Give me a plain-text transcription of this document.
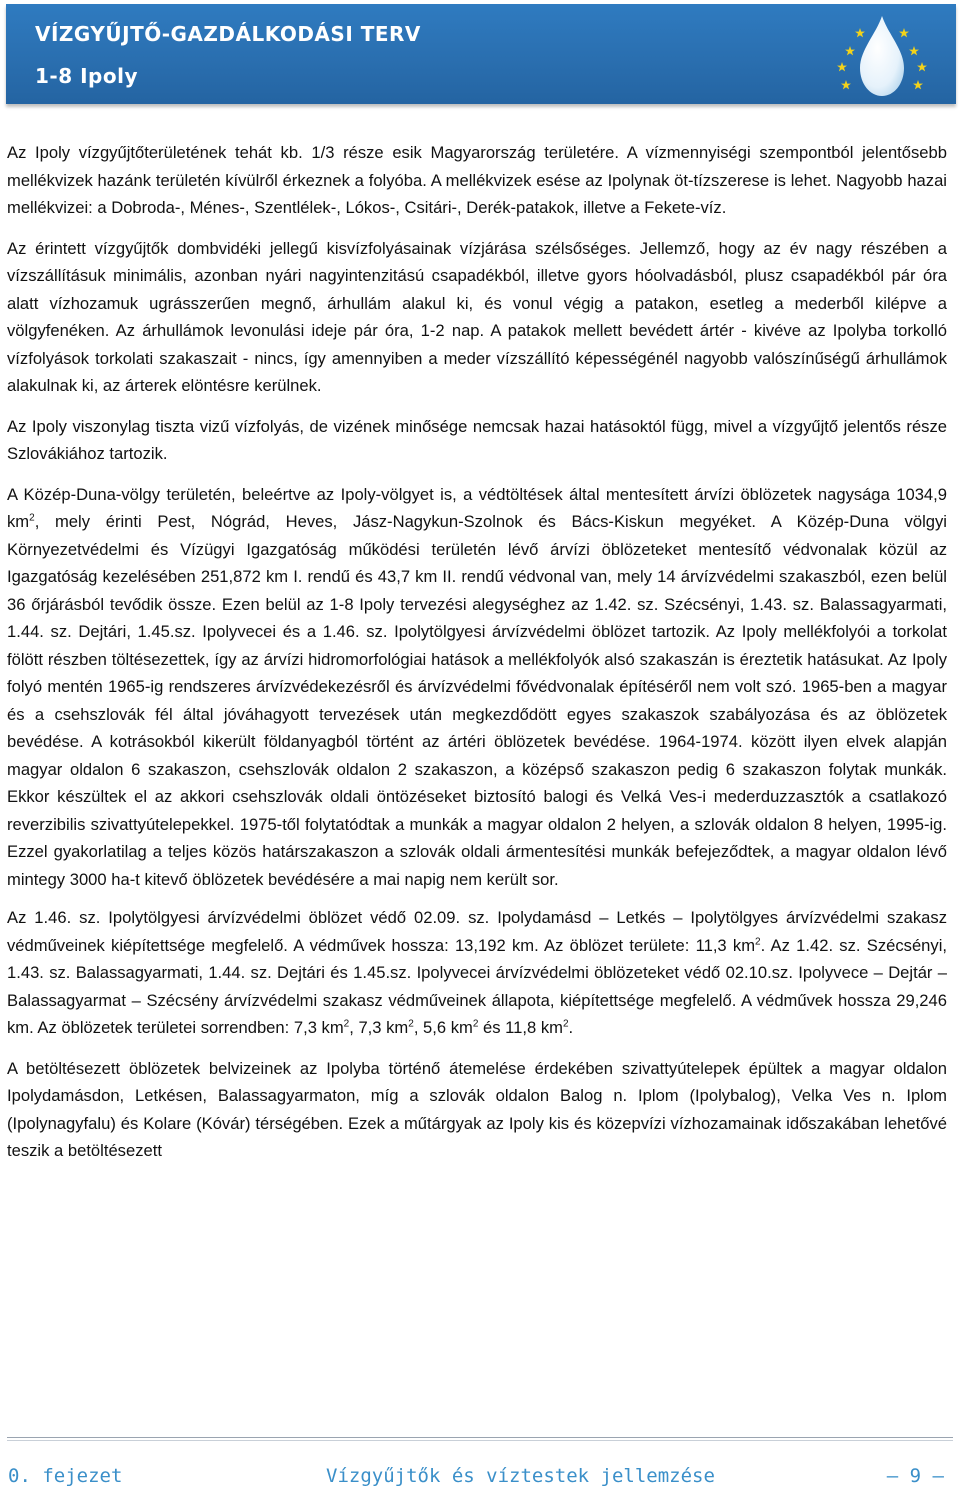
VÍZGYŰJTŐ-GAZDÁLKODÁSI TERV
1-8 Ipoly

Az Ipoly vízgyűjtőterületének tehát kb. 1/3 része esik Magyarország területére. A vízmennyiségi szempontból jelentősebb mellékvizek hazánk területén kívülről érkeznek a folyóba. A mellékvizek esése az Ipolynak öt-tízszerese is lehet. Nagyobb hazai mellékvizei: a Dobroda-, Ménes-, Szentlélek-, Lókos-, Csitári-, Derék-patakok, illetve a Fekete-víz.

Az érintett vízgyűjtők dombvidéki jellegű kisvízfolyásainak vízjárása szélsőséges. Jellemző, hogy az év nagy részében a vízszállításuk minimális, azonban nyári nagyintenzitású csapadékból, illetve gyors hóolvadásból, plusz csapadékból pár óra alatt vízhozamuk ugrásszerűen megnő, árhullám alakul ki, és vonul végig a patakon, esetleg a mederből kilépve a völgyfenéken. Az árhullámok levonulási ideje pár óra, 1-2 nap. A patakok mellett bevédett ártér - kivéve az Ipolyba torkolló vízfolyások torkolati szakaszait - nincs, így amennyiben a meder vízszállító képességénél nagyobb valószínűségű árhullámok alakulnak ki, az árterek elöntésre kerülnek.

Az Ipoly viszonylag tiszta vizű vízfolyás, de vizének minősége nemcsak hazai hatásoktól függ, mivel a vízgyűjtő jelentős része Szlovákiához tartozik.

A Közép-Duna-völgy területén, beleértve az Ipoly-völgyet is, a védtöltések által mentesített árvízi öblözetek nagysága 1034,9 $km^2$, mely érinti Pest, Nógrád, Heves, Jász-Nagykun-Szolnok és Bács-Kiskun megyéket. A Közép-Duna völgyi Környezetvédelmi és Vízügyi Igazgatóság működési területén lévő árvízi öblözeteket mentesítő védvonalak közül az Igazgatóság kezelésében 251,872 km I. rendű és 43,7 km II. rendű védvonal van, mely 14 árvízvédelmi szakaszból, ezen belül 36 őrjárásból tevődik össze. Ezen belül az 1-8 Ipoly tervezési alegységhez az 1.42. sz. Szécsényi, 1.43. sz. Balassagyarmati, 1.44. sz. Dejtári, 1.45.sz. Ipolyvecei és a 1.46. sz. Ipolytölgyesi árvízvédelmi öblözet tartozik. Az Ipoly mellékfolyói a torkolat fölött részben töltésezettek, így az árvízi hidromorfológiai hatások a mellékfolyók alsó szakaszán is éreztetik hatásukat. Az Ipoly folyó mentén 1965-ig rendszeres árvízvédekezésről és árvízvédelmi fővédvonalak építéséről nem volt szó. 1965-ben a magyar és a csehszlovák fél által jóváhagyott tervezések után megkezdődött egyes szakaszok szabályozása és az öblözetek bevédése. A kotrásokból kikerült földanyagból történt az ártéri öblözetek bevédése. 1964-1974. között ilyen elvek alapján magyar oldalon 6 szakaszon, csehszlovák oldalon 2 szakaszon, a középső szakaszon pedig 6 szakaszon folytak munkák. Ekkor készültek el az akkori csehszlovák oldali öntözéseket biztosító balogi és Velká Ves-i mederduzzasztók a csatlakozó reverzibilis szivattyútelepekkel. 1975-től folytatódtak a munkák a magyar oldalon 2 helyen, a szlovák oldalon 8 helyen, 1995-ig. Ezzel gyakorlatilag a teljes közös határszakaszon a szlovák oldali ármentesítési munkák befejeződtek, a magyar oldalon lévő mintegy 3000 ha-t kitevő öblözetek bevédésére a mai napig nem került sor.

Az 1.46. sz. Ipolytölgyesi árvízvédelmi öblözet védő 02.09. sz. Ipolydamásd – Letkés – Ipolytölgyes árvízvédelmi szakasz védműveinek kiépítettsége megfelelő. A védművek hossza: 13,192 km. Az öblözet területe: 11,3 $km^2$. Az 1.42. sz. Szécsényi, 1.43. sz. Balassagyarmati, 1.44. sz. Dejtári és 1.45.sz. Ipolyvecei árvízvédelmi öblözeteket védő 02.10.sz. Ipolyvece – Dejtár – Balassagyarmat – Szécsény árvízvédelmi szakasz védműveinek állapota, kiépítettsége megfelelő. A védművek hossza 29,246 km. Az öblözetek területei sorrendben: 7,3 $km^2$, 7,3 $km^2$, 5,6 $km^2$ és 11,8 $km^2$.

A betöltésezett öblözetek belvizeinek az Ipolyba történő átemelése érdekében szivattyútelepek épültek a magyar oldalon Ipolydamásdon, Letkésen, Balassagyarmaton, míg a szlovák oldalon Balog n. Iplom (Ipolybalog), Velka Ves n. Iplom (Ipolynagyfalu) és Kolare (Kóvár) térségében. Ezek a műtárgyak az Ipoly kis és közepvízi vízhozamainak időszakában lehetővé teszik a betöltésezett

0. fejezet	Vízgyűjtők és víztestek jellemzése	– 9 –
